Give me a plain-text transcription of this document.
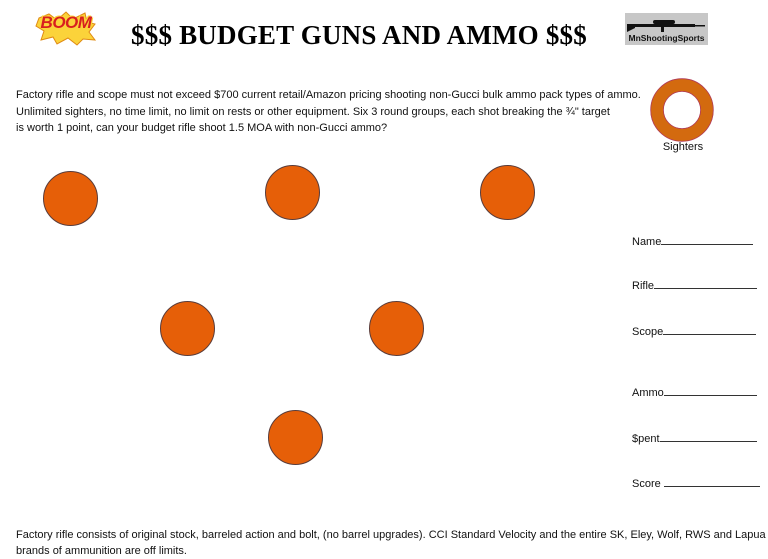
BOOM	$$$ BUDGET GUNS AND AMMO $$$	MnShootingSports

Factory rifle and scope must not exceed $700 current retail/Amazon pricing shooting non-Gucci bulk ammo pack types of ammo.

Unlimited sighters, no time limit, no limit on rests or other equipment. Six 3 round groups, each shot breaking the ¾" target

is worth 1 point, can your budget rifle shoot 1.5 MOA with non-Gucci ammo?

Sighters
Name
Rifle
Scope
Ammo
$pent
Score

Factory rifle consists of original stock, barreled action and bolt, (no barrel upgrades). CCI Standard Velocity and the entire SK, Eley, Wolf, RWS and Lapua

brands of ammunition are off limits.
